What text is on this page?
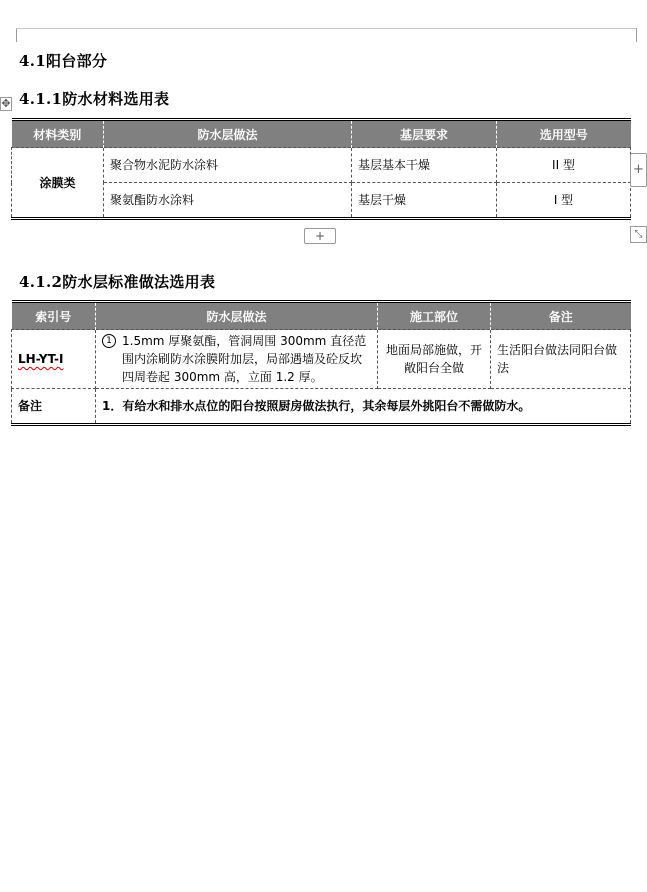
4.1阳台部分
✥ 4.1.1防水材料选用表
材料类别	防水层做法	基层要求	选用型号
涂膜类	聚合物水泥防水涂料	基层基本干燥	II 型
	聚氨酯防水涂料	基层干燥	I 型
+
+	⤡
4.1.2防水层标准做法选用表
索引号	防水层做法	施工部位	备注
LH-YT-Ⅰ	1 1.5mm 厚聚氨酯，管洞周围 300mm 直径范围内涂刷防水涂膜附加层，局部遇墙及砼反坎四周卷起 300mm 高，立面 1.2 厚。	地面局部施做，开敞阳台全做	生活阳台做法同阳台做法
备注	1．有给水和排水点位的阳台按照厨房做法执行，其余每层外挑阳台不需做防水。		
